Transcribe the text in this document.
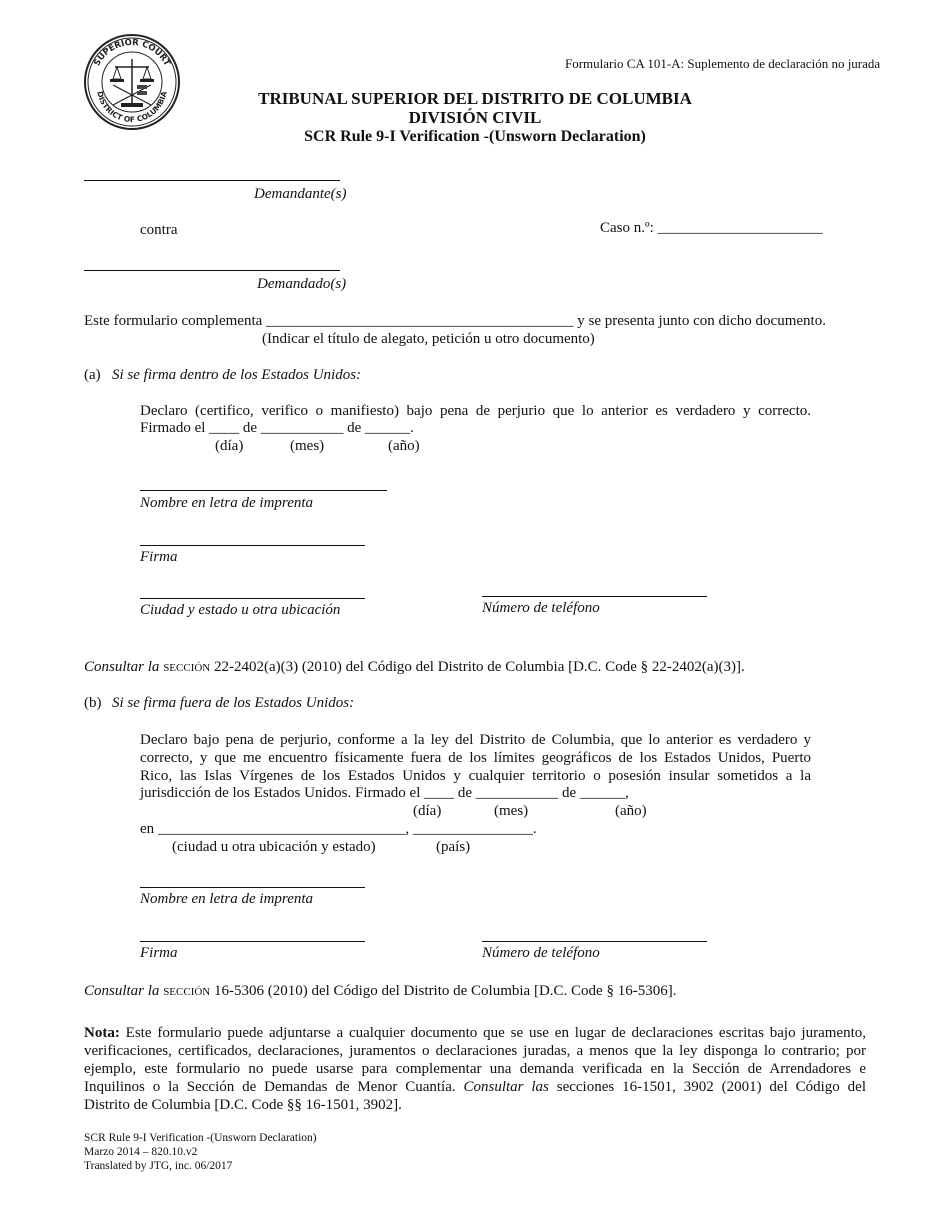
SUPERIOR COURT
DISTRICT OF COLUMBIA
Formulario CA 101-A: Suplemento de declaración no jurada
TRIBUNAL SUPERIOR DEL DISTRITO DE COLUMBIA
DIVISIÓN CIVIL
SCR Rule 9-I Verification -(Unsworn Declaration)
Demandante(s)
contra	Caso n.º: ______________________
Demandado(s)
Este formulario complementa _________________________________________ y se presenta junto con dicho documento.
(Indicar el título de alegato, petición u otro documento)
(a) Si se firma dentro de los Estados Unidos:
Declaro (certifico, verifico o manifiesto) bajo pena de perjurio que lo anterior es verdadero y correcto.
Firmado el ____ de ___________ de ______.
(día)	(mes)	(año)
Nombre en letra de imprenta
Firma
Ciudad y estado u otra ubicación	Número de teléfono
Consultar la sección 22-2402(a)(3) (2010) del Código del Distrito de Columbia [D.C. Code § 22-2402(a)(3)].
(b) Si se firma fuera de los Estados Unidos:
Declaro bajo pena de perjurio, conforme a la ley del Distrito de Columbia, que lo anterior es verdadero y
correcto, y que me encuentro físicamente fuera de los límites geográficos de los Estados Unidos, Puerto
Rico, las Islas Vírgenes de los Estados Unidos y cualquier territorio o posesión insular sometidos a la
jurisdicción de los Estados Unidos. Firmado el ____ de ___________ de ______,
(día)	(mes)	(año)
en _________________________________, ________________.
(ciudad u otra ubicación y estado)	(país)
Nombre en letra de imprenta
Firma	Número de teléfono
Consultar la sección 16-5306 (2010) del Código del Distrito de Columbia [D.C. Code § 16-5306].
Nota: Este formulario puede adjuntarse a cualquier documento que se use en lugar de declaraciones escritas bajo juramento,
verificaciones, certificados, declaraciones, juramentos o declaraciones juradas, a menos que la ley disponga lo contrario; por
ejemplo, este formulario no puede usarse para complementar una demanda verificada en la Sección de Arrendadores e
Inquilinos o la Sección de Demandas de Menor Cuantía. Consultar las secciones 16-1501, 3902 (2001) del Código del
Distrito de Columbia [D.C. Code §§ 16-1501, 3902].
SCR Rule 9-I Verification -(Unsworn Declaration)
Marzo 2014 – 820.10.v2
Translated by JTG, inc. 06/2017
